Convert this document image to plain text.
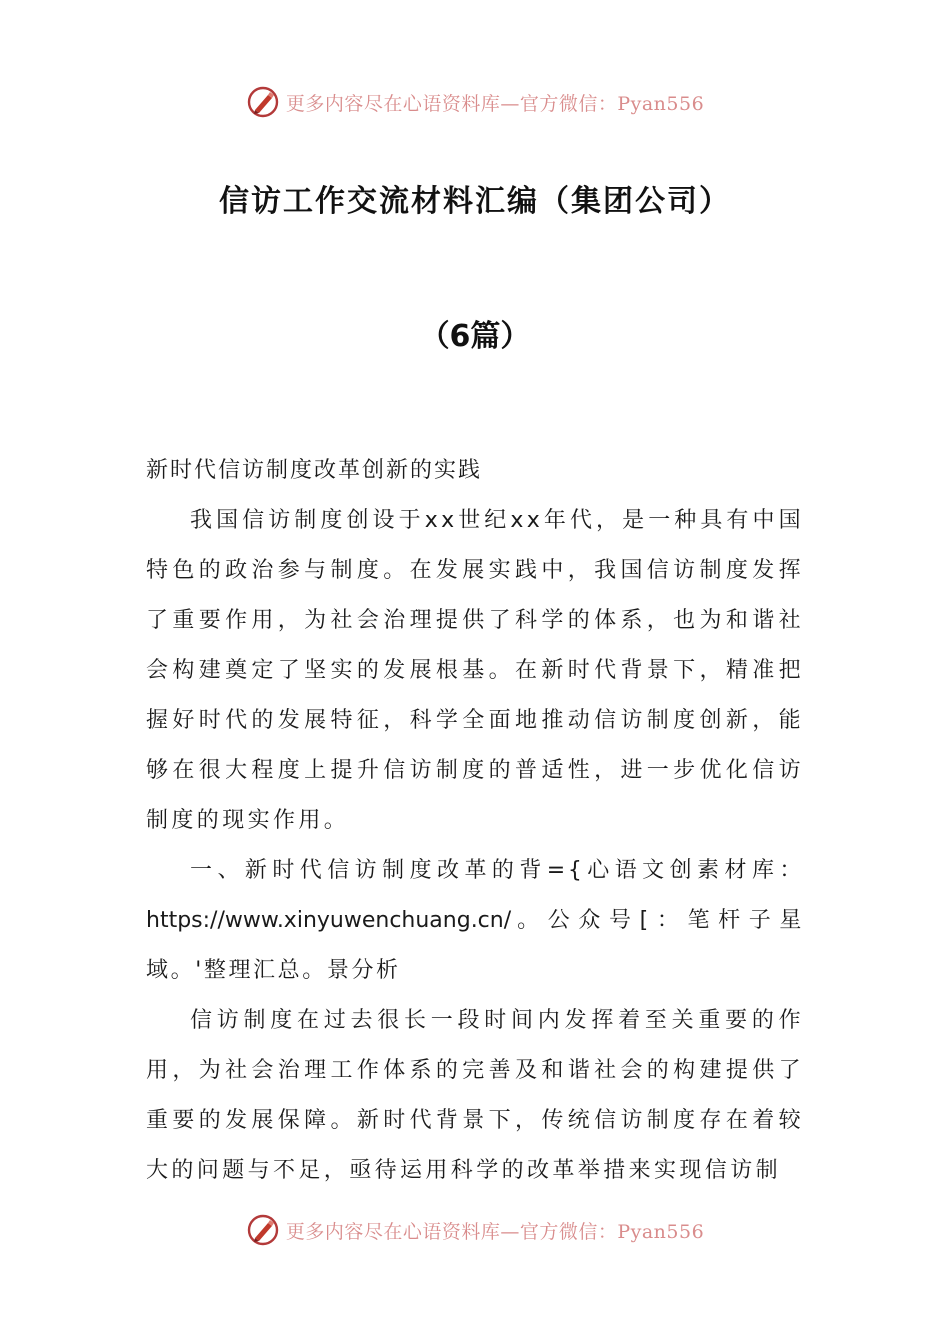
更多内容尽在心语资料库—官方微信：Pyan556
信访工作交流材料汇编（集团公司）
（6篇）

新时代信访制度改革创新的实践

我国信访制度创设于xx世纪xx年代，是一种具有中国特色的政治参与制度。在发展实践中，我国信访制度发挥了重要作用，为社会治理提供了科学的体系，也为和谐社会构建奠定了坚实的发展根基。在新时代背景下，精准把握好时代的发展特征，科学全面地推动信访制度创新，能够在很大程度上提升信访制度的普适性，进一步优化信访制度的现实作用。

一、新时代信访制度改革的背={心语文创素材库：https://www.xinyuwenchuang.cn/。公众号[：笔杆子星域。'整理汇总。景分析

信访制度在过去很长一段时间内发挥着至关重要的作用，为社会治理工作体系的完善及和谐社会的构建提供了重要的发展保障。新时代背景下，传统信访制度存在着较大的问题与不足，亟待运用科学的改革举措来实现信访制

更多内容尽在心语资料库—官方微信：Pyan556
